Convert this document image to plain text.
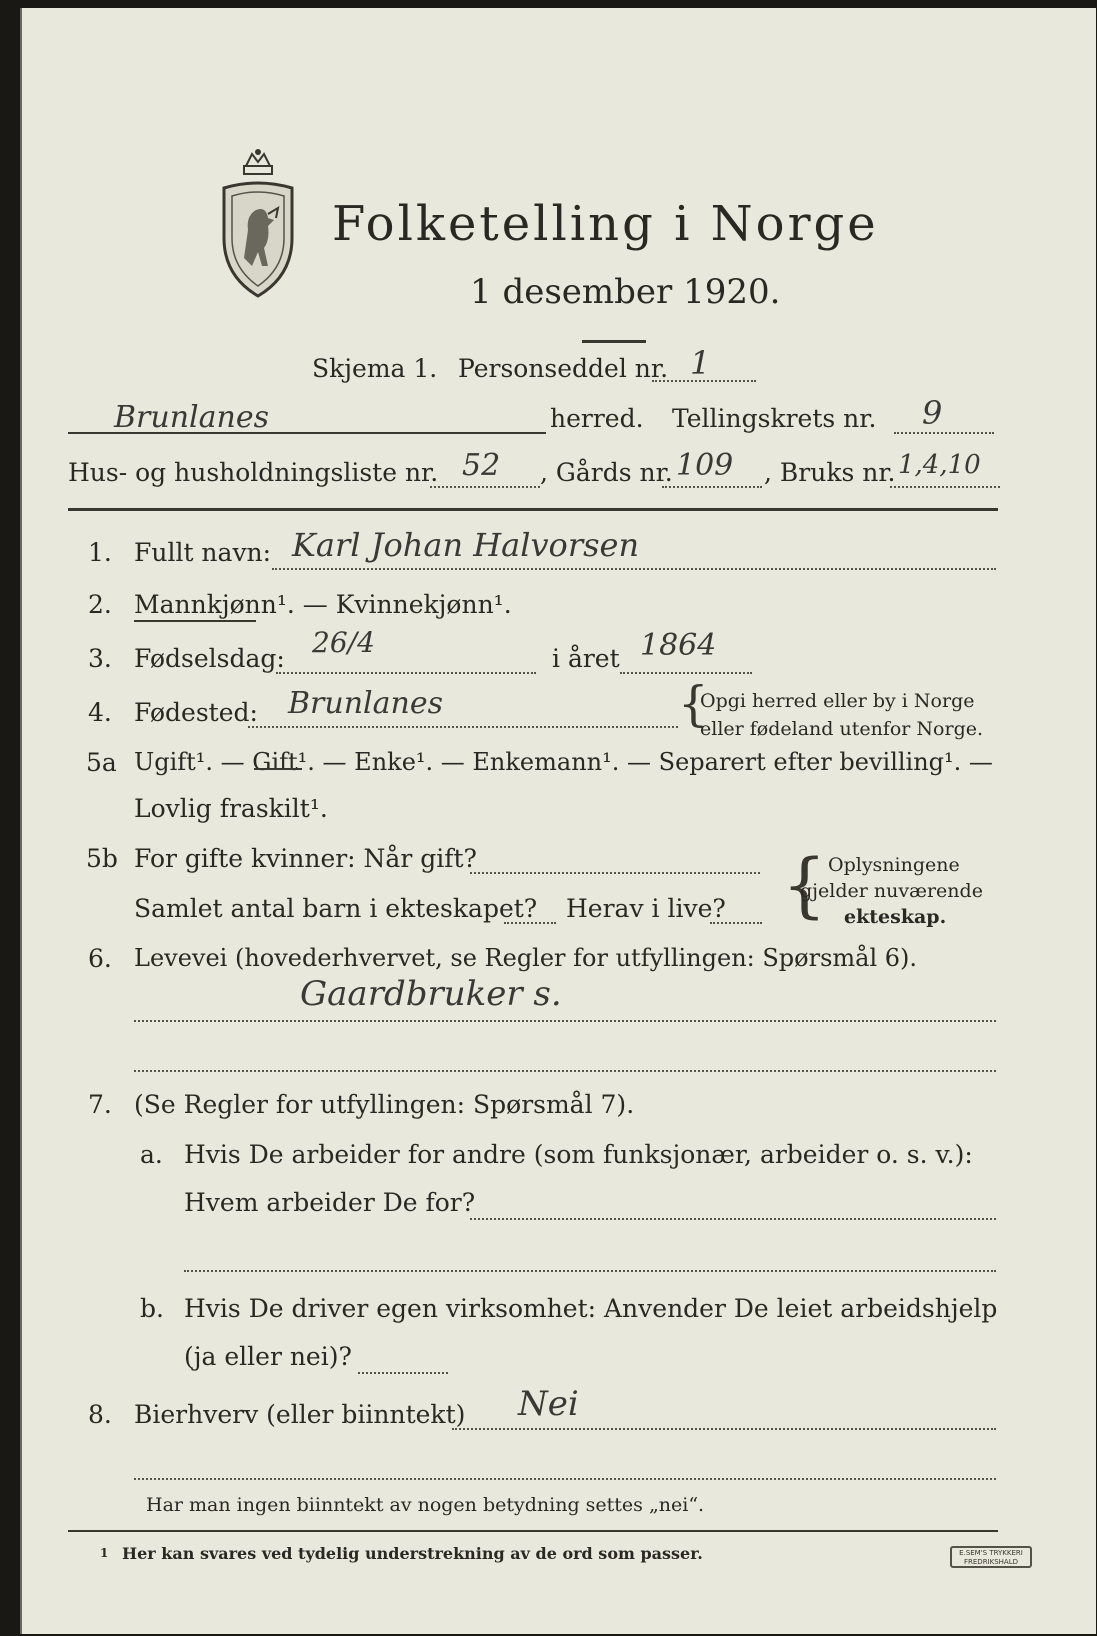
Folketelling i Norge
1 desember 1920.
Skjema 1. Personseddel nr. 1
Brunlanes	herred. Tellingskrets nr. 9
Hus- og husholdningsliste nr. 52 , Gårds nr. 109 , Bruks nr. 1,4,10
1. Fullt navn: Karl Johan Halvorsen
2. Mannkjønn¹. — Kvinnekjønn¹.
3. Fødselsdag: 26/4	i året 1864
4. Fødested: Brunlanes	{
Opgi herred eller by i Norge
eller fødeland utenfor Norge.
5a Ugift¹. — Gift¹. — Enke¹. — Enkemann¹. — Separert efter bevilling¹. —
Lovlig fraskilt¹.
5b For gifte kvinner: Når gift?
Samlet antal barn i ekteskapet? Herav i live? { Oplysningene
gjelder nuværende
ekteskap.
6. Levevei (hovederhvervet, se Regler for utfyllingen: Spørsmål 6).
Gaardbruker s.
7. (Se Regler for utfyllingen: Spørsmål 7).
a. Hvis De arbeider for andre (som funksjonær, arbeider o. s. v.):
Hvem arbeider De for?
b. Hvis De driver egen virksomhet: Anvender De leiet arbeidshjelp
(ja eller nei)?
8. Bierhverv (eller biinntekt) Nei
Har man ingen biinntekt av nogen betydning settes „nei“.
1 Her kan svares ved tydelig understrekning av de ord som passer.	E.SEM'S TRYKKERI
FREDRIKSHALD
